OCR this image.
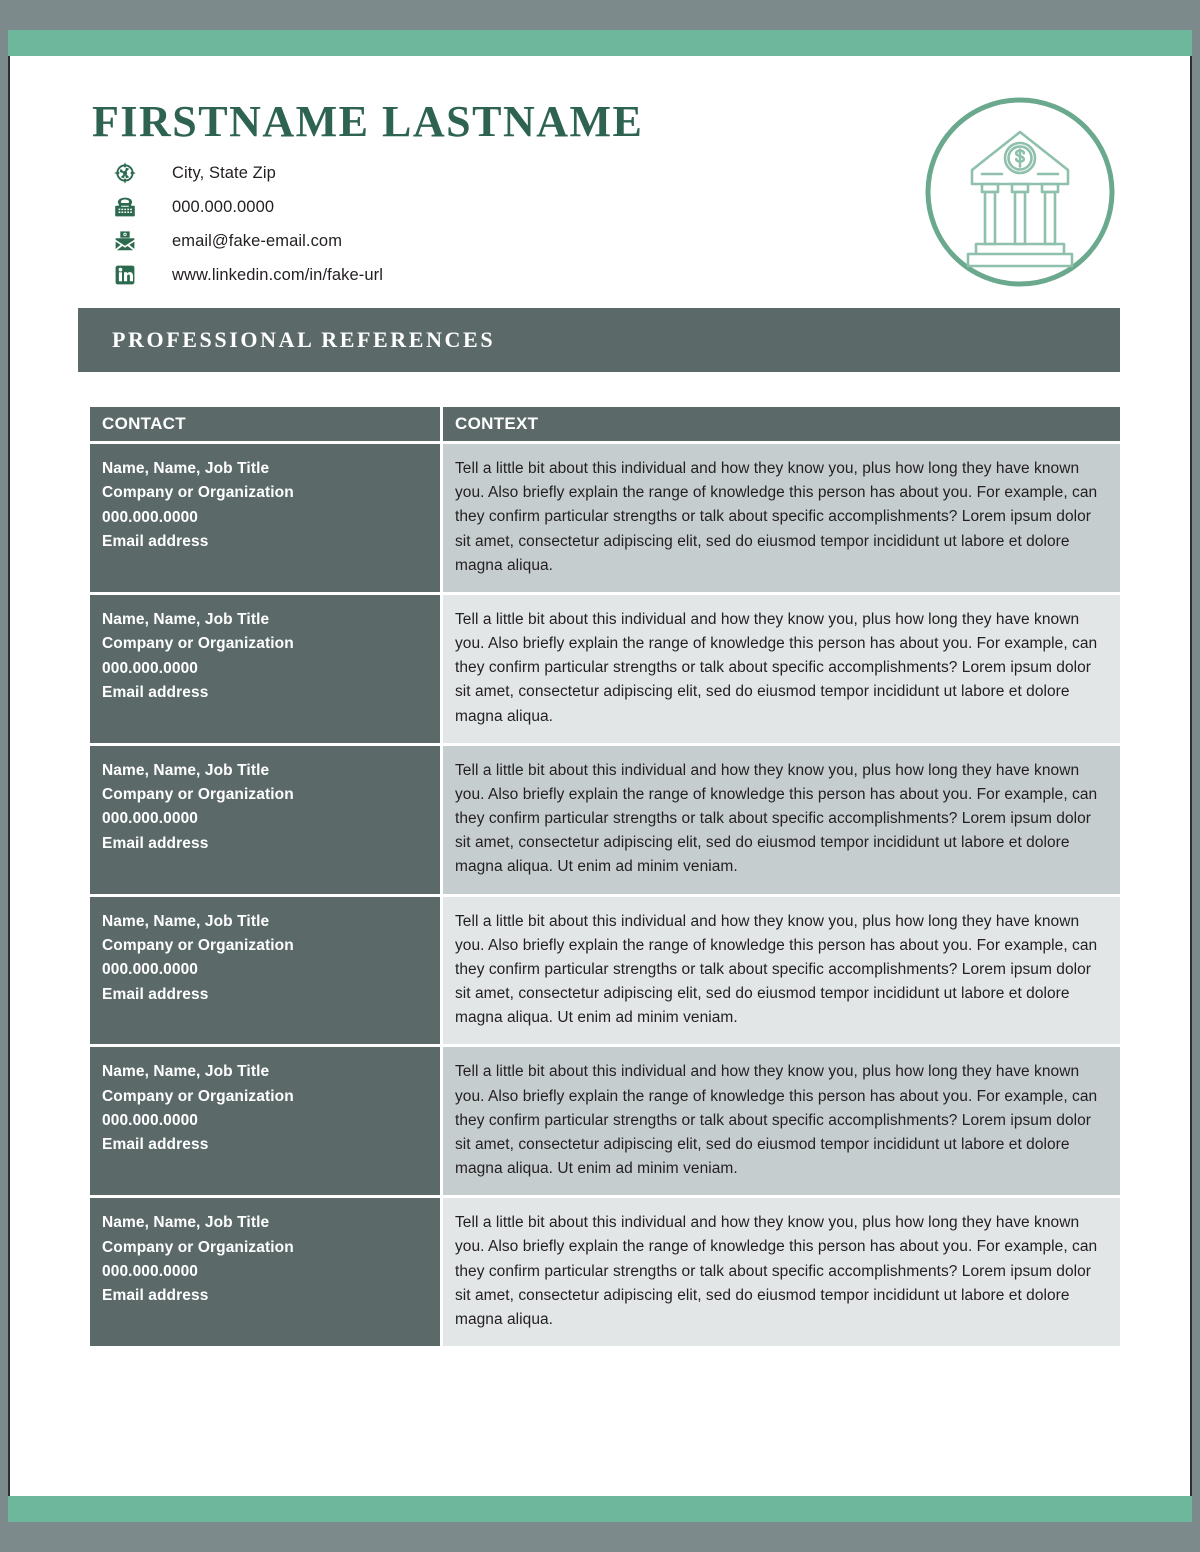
FIRSTNAME LASTNAME
City, State Zip
000.000.0000
email@fake-email.com
www.linkedin.com/in/fake-url
PROFESSIONAL REFERENCES
CONTACT		CONTEXT

Name, Name, Job Title
Company or Organization
000.000.0000
Email address
		Tell a little bit about this individual and how they know you, plus how long they have known you. Also briefly explain the range of knowledge this person has about you. For example, can they confirm particular strengths or talk about specific accomplishments? Lorem ipsum dolor sit amet, consectetur adipiscing elit, sed do eiusmod tempor incididunt ut labore et dolore magna aliqua.

Name, Name, Job Title
Company or Organization
000.000.0000
Email address
		Tell a little bit about this individual and how they know you, plus how long they have known you. Also briefly explain the range of knowledge this person has about you. For example, can they confirm particular strengths or talk about specific accomplishments? Lorem ipsum dolor sit amet, consectetur adipiscing elit, sed do eiusmod tempor incididunt ut labore et dolore magna aliqua.

Name, Name, Job Title
Company or Organization
000.000.0000
Email address
		Tell a little bit about this individual and how they know you, plus how long they have known you. Also briefly explain the range of knowledge this person has about you. For example, can they confirm particular strengths or talk about specific accomplishments? Lorem ipsum dolor sit amet, consectetur adipiscing elit, sed do eiusmod tempor incididunt ut labore et dolore magna aliqua. Ut enim ad minim veniam.

Name, Name, Job Title
Company or Organization
000.000.0000
Email address
		Tell a little bit about this individual and how they know you, plus how long they have known you. Also briefly explain the range of knowledge this person has about you. For example, can they confirm particular strengths or talk about specific accomplishments? Lorem ipsum dolor sit amet, consectetur adipiscing elit, sed do eiusmod tempor incididunt ut labore et dolore magna aliqua. Ut enim ad minim veniam.

Name, Name, Job Title
Company or Organization
000.000.0000
Email address
		Tell a little bit about this individual and how they know you, plus how long they have known you. Also briefly explain the range of knowledge this person has about you. For example, can they confirm particular strengths or talk about specific accomplishments? Lorem ipsum dolor sit amet, consectetur adipiscing elit, sed do eiusmod tempor incididunt ut labore et dolore magna aliqua. Ut enim ad minim veniam.

Name, Name, Job Title
Company or Organization
000.000.0000
Email address
		Tell a little bit about this individual and how they know you, plus how long they have known you. Also briefly explain the range of knowledge this person has about you. For example, can they confirm particular strengths or talk about specific accomplishments? Lorem ipsum dolor sit amet, consectetur adipiscing elit, sed do eiusmod tempor incididunt ut labore et dolore magna aliqua.
